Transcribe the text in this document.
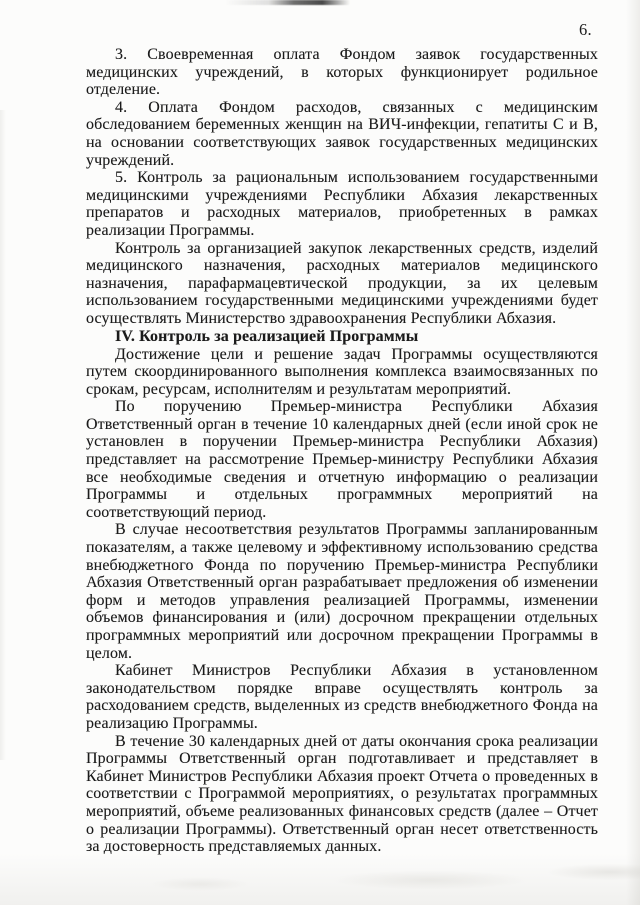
6.

3. Своевременная оплата Фондом заявок государственных медицинских учреждений, в которых функционирует родильное отделение.

4. Оплата Фондом расходов, связанных с медицинским обследованием беременных женщин на ВИЧ-инфекции, гепатиты С и В, на основании соответствующих заявок государственных медицинских учреждений.

5. Контроль за рациональным использованием государственными медицинскими учреждениями Республики Абхазия лекарственных препаратов и расходных материалов, приобретенных в рамках реализации Программы.

Контроль за организацией закупок лекарственных средств, изделий медицинского назначения, расходных материалов медицинского назначения, парафармацевтической продукции, за их целевым использованием государственными медицинскими учреждениями будет осуществлять Министерство здравоохранения Республики Абхазия.

IV. Контроль за реализацией Программы

Достижение цели и решение задач Программы осуществляются путем скоординированного выполнения комплекса взаимосвязанных по срокам, ресурсам, исполнителям и результатам мероприятий.

По поручению Премьер-министра Республики Абхазия Ответственный орган в течение 10 календарных дней (если иной срок не установлен в поручении Премьер-министра Республики Абхазия) представляет на рассмотрение Премьер-министру Республики Абхазия все необходимые сведения и отчетную информацию о реализации Программы и отдельных программных мероприятий на соответствующий период.

В случае несоответствия результатов Программы запланированным показателям, а также целевому и эффективному использованию средства внебюджетного Фонда по поручению Премьер-министра Республики Абхазия Ответственный орган разрабатывает предложения об изменении форм и методов управления реализацией Программы, изменении объемов финансирования и (или) досрочном прекращении отдельных программных мероприятий или досрочном прекращении Программы в целом.

Кабинет Министров Республики Абхазия в установленном законодательством порядке вправе осуществлять контроль за расходованием средств, выделенных из средств внебюджетного Фонда на реализацию Программы.

В течение 30 календарных дней от даты окончания срока реализации Программы Ответственный орган подготавливает и представляет в Кабинет Министров Республики Абхазия проект Отчета о проведенных в соответствии с Программой мероприятиях, о результатах программных мероприятий, объеме реализованных финансовых средств (далее – Отчет о реализации Программы). Ответственный орган несет ответственность за достоверность представляемых данных.
